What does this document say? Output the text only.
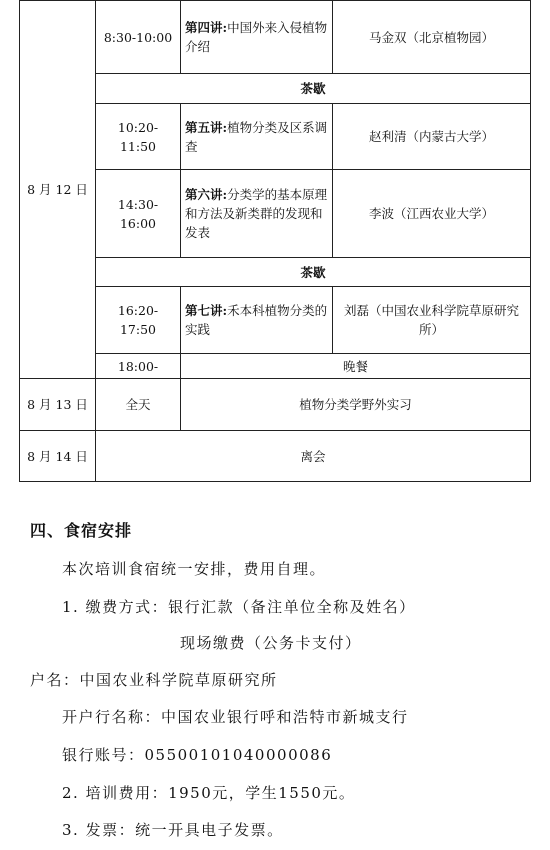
8 月 12 日	8:30-10:00	第四讲:中国外来入侵植物介绍	马金双（北京植物园）
	茶歇		
	10:20-11:50	第五讲:植物分类及区系调查	赵利清（内蒙古大学）
	14:30-16:00	第六讲:分类学的基本原理和方法及新类群的发现和发表	李波（江西农业大学）
	茶歇		
	16:20-17:50	第七讲:禾本科植物分类的实践	刘磊（中国农业科学院草原研究所）
	18:00-	晚餐	
8 月 13 日	全天	植物分类学野外实习	
8 月 14 日	离会		
四、食宿安排
本次培训食宿统一安排，费用自理。
1. 缴费方式：银行汇款（备注单位全称及姓名）
现场缴费（公务卡支付）
户名：中国农业科学院草原研究所
开户行名称：中国农业银行呼和浩特市新城支行
银行账号：05500101040000086
2. 培训费用：1950元，学生1550元。
3. 发票：统一开具电子发票。
